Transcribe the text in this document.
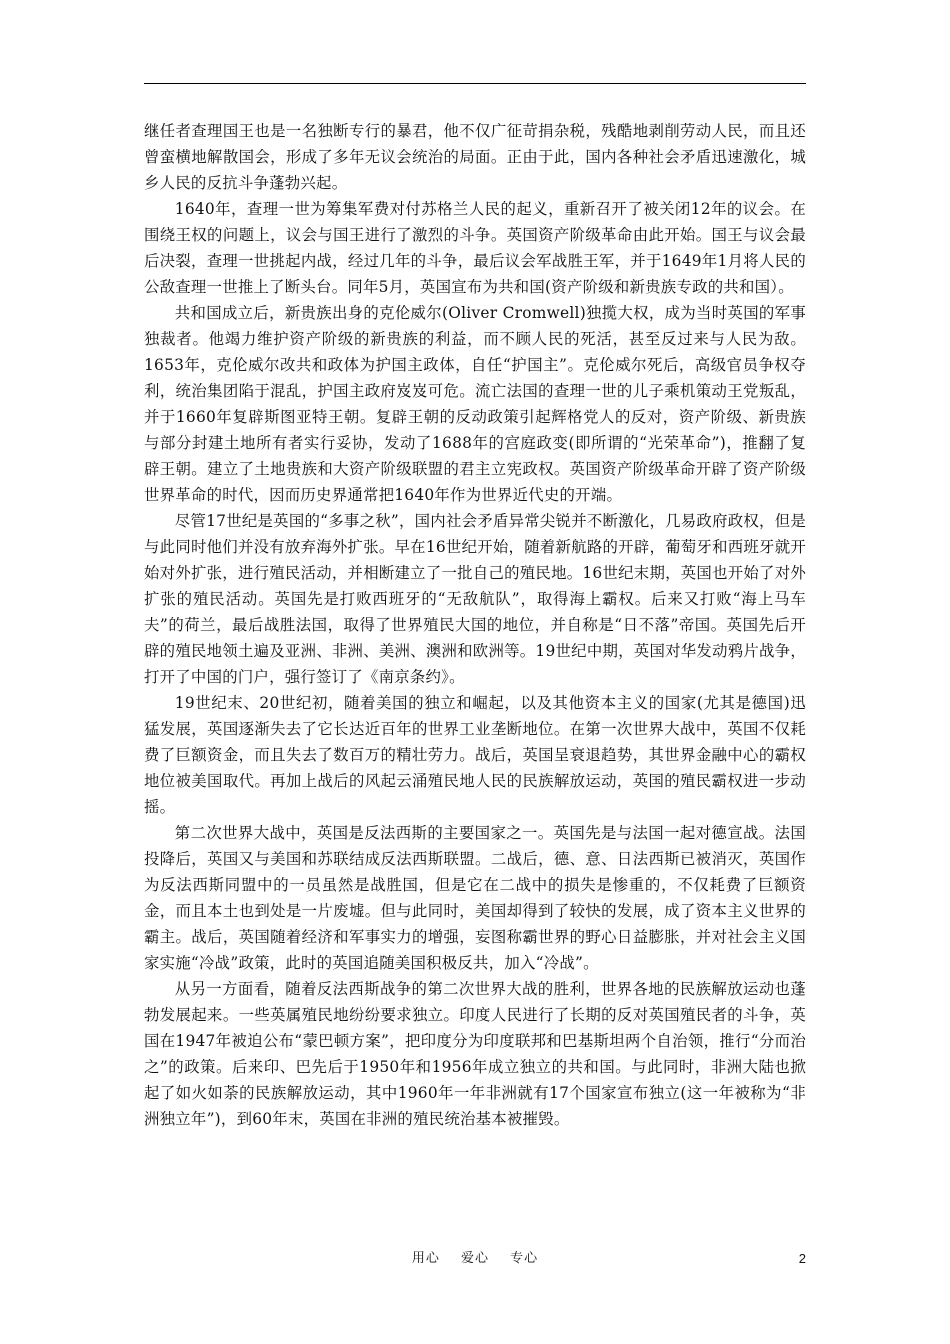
继任者查理国王也是一名独断专行的暴君，他不仅广征苛捐杂税，残酷地剥削劳动人民，而且还曾蛮横地解散国会，形成了多年无议会统治的局面。正由于此，国内各种社会矛盾迅速激化，城乡人民的反抗斗争蓬勃兴起。

1640年，查理一世为筹集军费对付苏格兰人民的起义，重新召开了被关闭12年的议会。在围绕王权的问题上，议会与国王进行了激烈的斗争。英国资产阶级革命由此开始。国王与议会最后决裂，查理一世挑起内战，经过几年的斗争，最后议会军战胜王军，并于1649年1月将人民的公敌查理一世推上了断头台。同年5月，英国宣布为共和国(资产阶级和新贵族专政的共和国）。

共和国成立后，新贵族出身的克伦威尔(Oliver Cromwell)独揽大权，成为当时英国的军事独裁者。他竭力维护资产阶级的新贵族的利益，而不顾人民的死活，甚至反过来与人民为敌。1653年，克伦威尔改共和政体为护国主政体，自任“护国主”。克伦威尔死后，高级官员争权夺利，统治集团陷于混乱，护国主政府岌岌可危。流亡法国的查理一世的儿子乘机策动王党叛乱，并于1660年复辟斯图亚特王朝。复辟王朝的反动政策引起辉格党人的反对，资产阶级、新贵族与部分封建土地所有者实行妥协，发动了1688年的宫庭政变(即所谓的“光荣革命”)，推翻了复辟王朝。建立了土地贵族和大资产阶级联盟的君主立宪政权。英国资产阶级革命开辟了资产阶级世界革命的时代，因而历史界通常把1640年作为世界近代史的开端。

尽管17世纪是英国的“多事之秋”，国内社会矛盾异常尖锐并不断激化，几易政府政权，但是与此同时他们并没有放弃海外扩张。早在16世纪开始，随着新航路的开辟，葡萄牙和西班牙就开始对外扩张，进行殖民活动，并相断建立了一批自己的殖民地。16世纪末期，英国也开始了对外扩张的殖民活动。英国先是打败西班牙的“无敌航队”，取得海上霸权。后来又打败“海上马车夫”的荷兰，最后战胜法国，取得了世界殖民大国的地位，并自称是“日不落”帝国。英国先后开辟的殖民地领土遍及亚洲、非洲、美洲、澳洲和欧洲等。19世纪中期，英国对华发动鸦片战争，打开了中国的门户，强行签订了《南京条约》。

19世纪末、20世纪初，随着美国的独立和崛起，以及其他资本主义的国家(尤其是德国)迅猛发展，英国逐渐失去了它长达近百年的世界工业垄断地位。在第一次世界大战中，英国不仅耗费了巨额资金，而且失去了数百万的精壮劳力。战后，英国呈衰退趋势，其世界金融中心的霸权地位被美国取代。再加上战后的风起云涌殖民地人民的民族解放运动，英国的殖民霸权进一步动摇。

第二次世界大战中，英国是反法西斯的主要国家之一。英国先是与法国一起对德宣战。法国投降后，英国又与美国和苏联结成反法西斯联盟。二战后，德、意、日法西斯已被消灭，英国作为反法西斯同盟中的一员虽然是战胜国，但是它在二战中的损失是惨重的，不仅耗费了巨额资金，而且本土也到处是一片废墟。但与此同时，美国却得到了较快的发展，成了资本主义世界的霸主。战后，英国随着经济和军事实力的增强，妄图称霸世界的野心日益膨胀，并对社会主义国家实施“冷战”政策，此时的英国追随美国积极反共，加入“冷战”。

从另一方面看，随着反法西斯战争的第二次世界大战的胜利，世界各地的民族解放运动也蓬勃发展起来。一些英属殖民地纷纷要求独立。印度人民进行了长期的反对英国殖民者的斗争，英国在1947年被迫公布“蒙巴顿方案”，把印度分为印度联邦和巴基斯坦两个自治领，推行“分而治之”的政策。后来印、巴先后于1950年和1956年成立独立的共和国。与此同时，非洲大陆也掀起了如火如荼的民族解放运动，其中1960年一年非洲就有17个国家宣布独立(这一年被称为“非洲独立年”)，到60年末，英国在非洲的殖民统治基本被摧毁。

用心 爱心 专心	2
